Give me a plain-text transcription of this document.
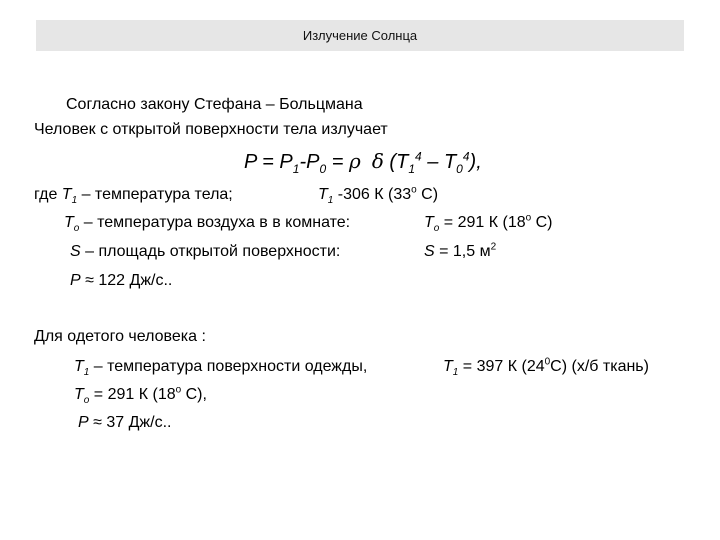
Излучение Солнца
Согласно закону Стефана – Больцмана
Человек с открытой поверхности тела излучает
$P = P_1-P_0 = \rho$ δ $(T_1^4 - T_0^4)$,
где $T_1$ – температура тела;	$T_1$ -306 К ($33^о$ С)
$T_о$ – температура воздуха в в комнате:	$T_о = 291$ К ($18^о$ С)
S – площадь открытой поверхности:	S = 1,5 $м^2$
P ≈ 122 Дж/с..
Для одетого человека :
$T_1$ – температура поверхности одежды,	$T_1 = 397$ К $(24^0С)$ (х/б ткань)
$T_о = 291$ К ($18^о$ С),
P ≈ 37 Дж/с..
